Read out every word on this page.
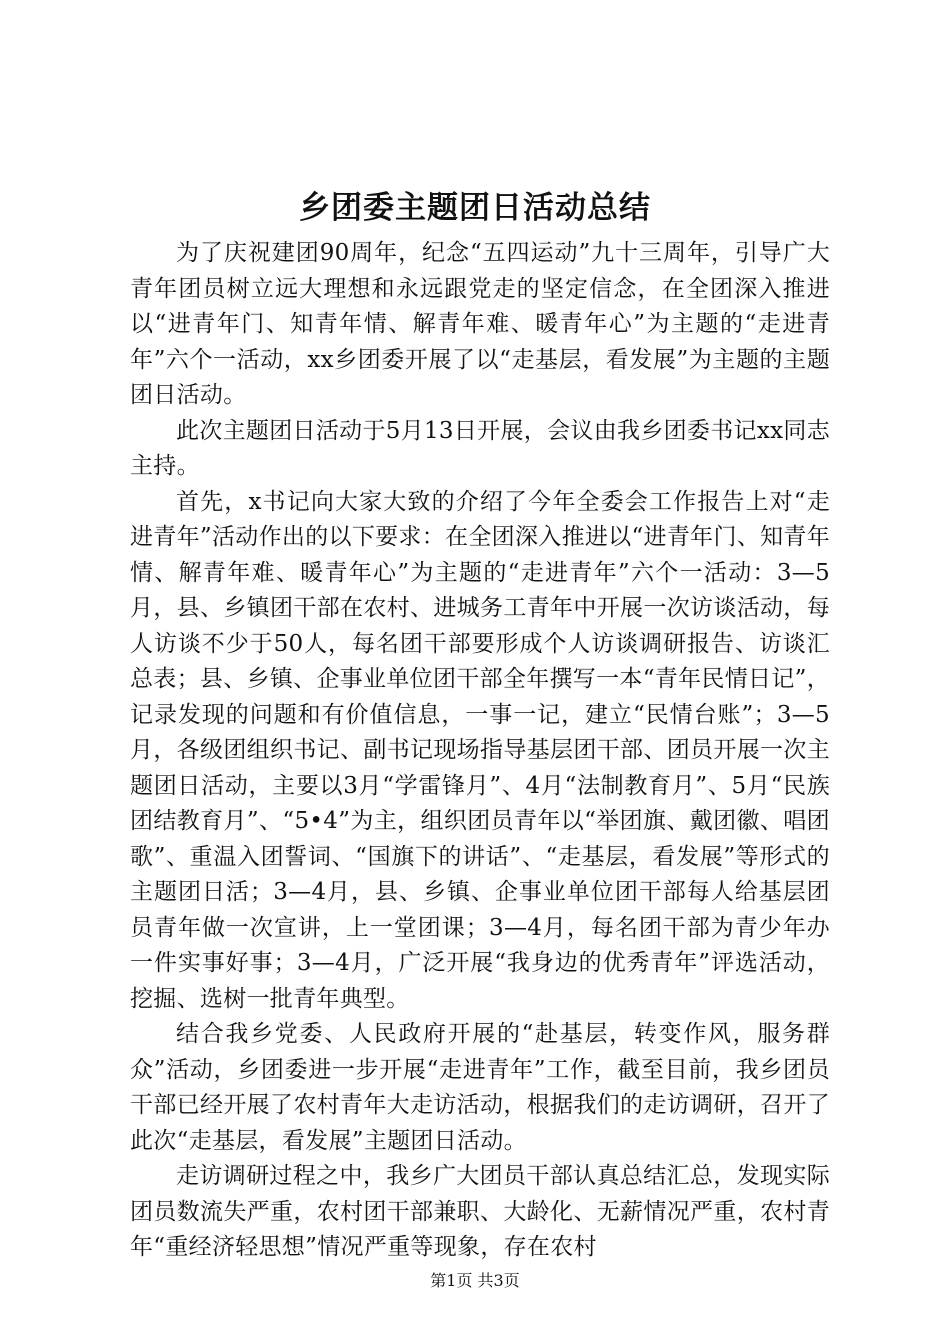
乡团委主题团日活动总结

为了庆祝建团90周年，纪念“五四运动”九十三周年，引导广大青年团员树立远大理想和永远跟党走的坚定信念，在全团深入推进以“进青年门、知青年情、解青年难、暖青年心”为主题的“走进青年”六个一活动，xx乡团委开展了以“走基层，看发展”为主题的主题团日活动。

此次主题团日活动于5月13日开展，会议由我乡团委书记xx同志主持。

首先，x书记向大家大致的介绍了今年全委会工作报告上对“走进青年”活动作出的以下要求：在全团深入推进以“进青年门、知青年情、解青年难、暖青年心”为主题的“走进青年”六个一活动：3—5月，县、乡镇团干部在农村、进城务工青年中开展一次访谈活动，每人访谈不少于50人，每名团干部要形成个人访谈调研报告、访谈汇总表；县、乡镇、企事业单位团干部全年撰写一本“青年民情日记”，记录发现的问题和有价值信息，一事一记，建立“民情台账”；3—5月，各级团组织书记、副书记现场指导基层团干部、团员开展一次主题团日活动，主要以3月“学雷锋月”、4月“法制教育月”、5月“民族团结教育月”、“5•4”为主，组织团员青年以“举团旗、戴团徽、唱团歌”、重温入团誓词、“国旗下的讲话”、“走基层，看发展”等形式的主题团日活；3—4月，县、乡镇、企事业单位团干部每人给基层团员青年做一次宣讲，上一堂团课；3—4月，每名团干部为青少年办一件实事好事；3—4月，广泛开展“我身边的优秀青年”评选活动，挖掘、选树一批青年典型。

结合我乡党委、人民政府开展的“赴基层，转变作风，服务群众”活动，乡团委进一步开展“走进青年”工作，截至目前，我乡团员干部已经开展了农村青年大走访活动，根据我们的走访调研，召开了此次“走基层，看发展”主题团日活动。

走访调研过程之中，我乡广大团员干部认真总结汇总，发现实际团员数流失严重，农村团干部兼职、大龄化、无薪情况严重，农村青年“重经济轻思想”情况严重等现象，存在农村

第1页 共3页
